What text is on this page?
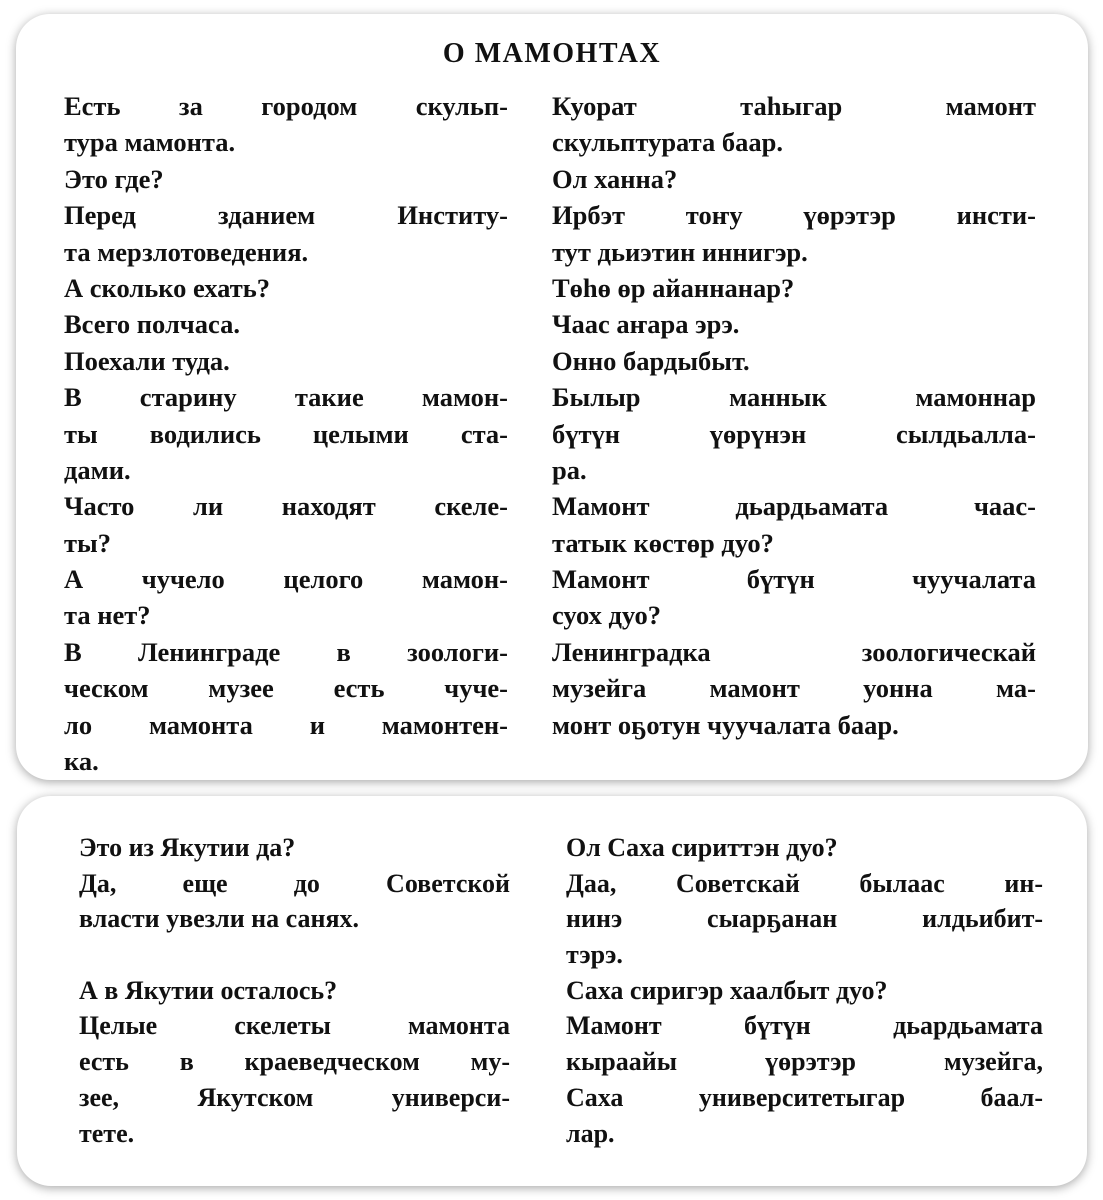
О МАМОНТАХ
Есть за городом скульп-
тура мамонта.
Это где?
Перед зданием Институ-
та мерзлотоведения.
А сколько ехать?
Всего полчаса.
Поехали туда.
В старину такие мамон-
ты водились целыми ста-
дами.
Часто ли находят скеле-
ты?
А чучело целого мамон-
та нет?
В Ленинграде в зоологи-
ческом музее есть чуче-
ло мамонта и мамонтен-
ка.
Куорат таһыгар мамонт
скульптурата баар.
Ол ханна?
Ирбэт тоҥу үөрэтэр инсти-
тут дьиэтин иннигэр.
Төһө өр айаннанар?
Чаас аҥара эрэ.
Онно бардыбыт.
Былыр маннык мамоннар
бүтүн үөрүнэн сылдьалла-
ра.
Мамонт дьардьамата чаас-
татык көстөр дуо?
Мамонт бүтүн чуучалата
суох дуо?
Ленинградка зоологическай
музейга мамонт уонна ма-
монт оҕотун чуучалата баар.
Это из Якутии да?
Да, еще до Советской
власти увезли на санях.
А в Якутии осталось?
Целые скелеты мамонта
есть в краеведческом му-
зее, Якутском универси-
тете.
Ол Саха сириттэн дуо?
Даа, Советскай былаас ин-
нинэ сыарҕанан илдьибит-
тэрэ.
Саха сиригэр хаалбыт дуо?
Мамонт бүтүн дьардьамата
кыраайы үөрэтэр музейга,
Саха университетыгар баал-
лар.
